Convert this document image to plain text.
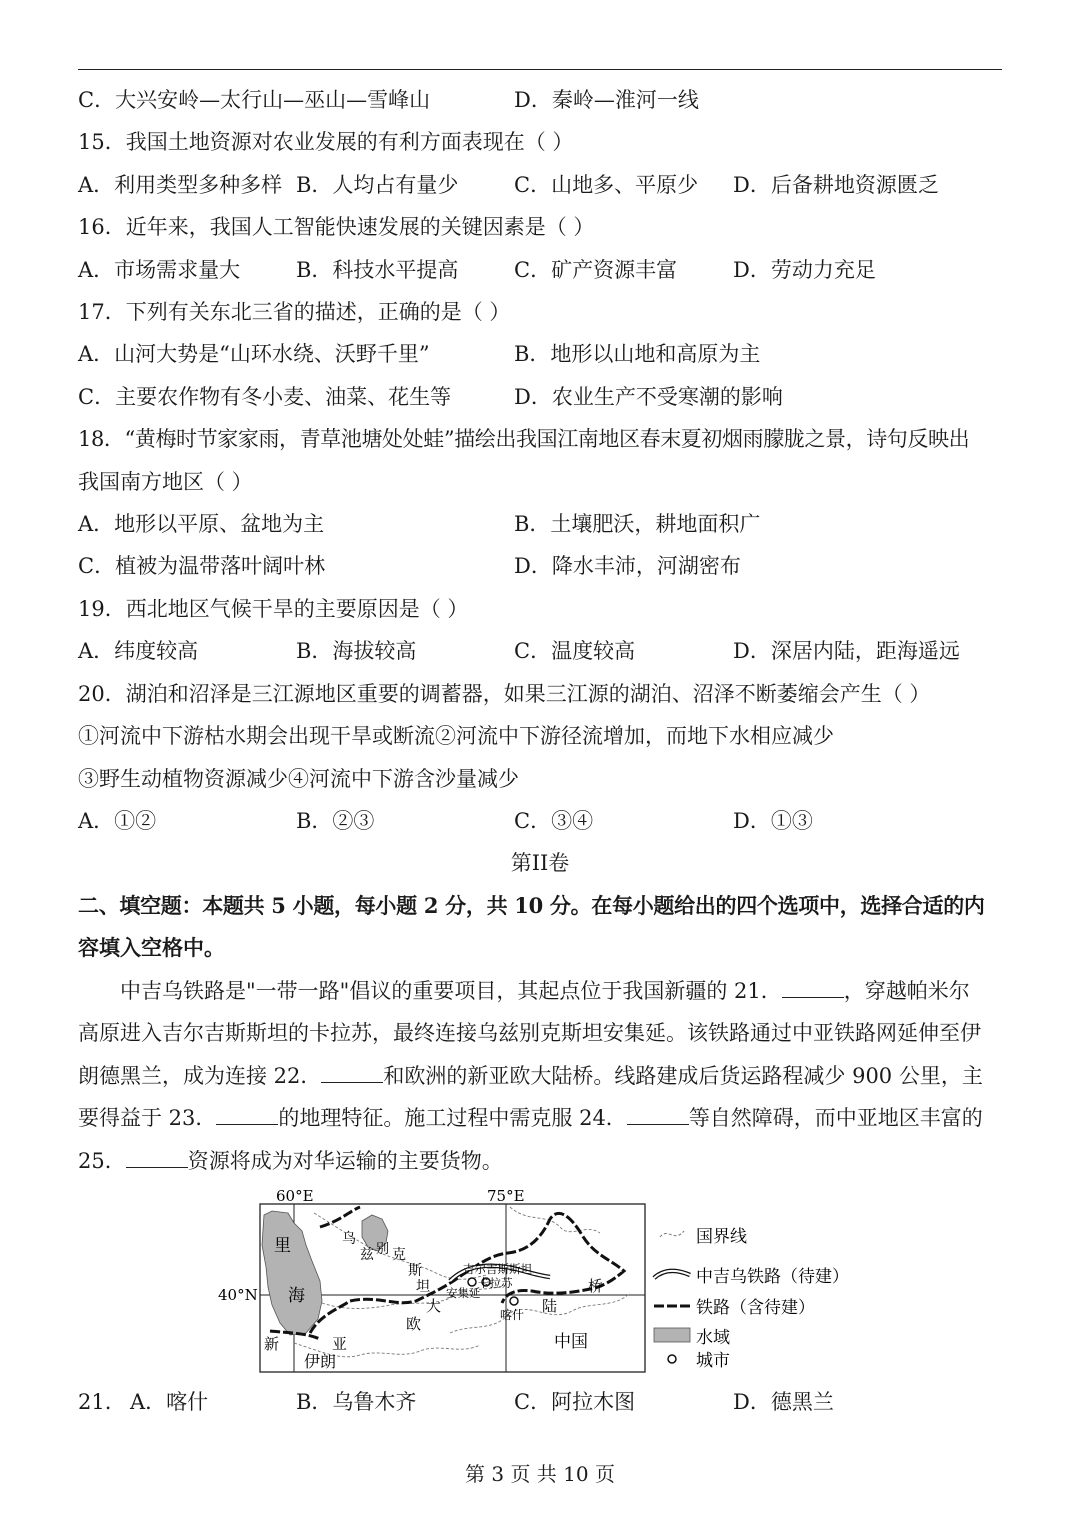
C．大兴安岭—太行山—巫山—雪峰山	D．秦岭—淮河一线
15．我国土地资源对农业发展的有利方面表现在（ ）
A．利用类型多种多样 B．人均占有量少	C．山地多、平原少 D．后备耕地资源匮乏
16．近年来，我国人工智能快速发展的关键因素是（ ）
A．市场需求量大	B．科技水平提高	C．矿产资源丰富	D．劳动力充足
17．下列有关东北三省的描述，正确的是（ ）
A．山河大势是“山环水绕、沃野千里”	B．地形以山地和高原为主
C．主要农作物有冬小麦、油菜、花生等	D．农业生产不受寒潮的影响
18．“黄梅时节家家雨，青草池塘处处蛙”描绘出我国江南地区春末夏初烟雨朦胧之景，诗句反映出
我国南方地区（ ）
A．地形以平原、盆地为主	B．土壤肥沃，耕地面积广
C．植被为温带落叶阔叶林	D．降水丰沛，河湖密布
19．西北地区气候干旱的主要原因是（ ）
A．纬度较高	B．海拔较高	C．温度较高	D．深居内陆，距海遥远
20．湖泊和沼泽是三江源地区重要的调蓄器，如果三江源的湖泊、沼泽不断萎缩会产生（ ）
①河流中下游枯水期会出现干旱或断流②河流中下游径流增加，而地下水相应减少
③野生动植物资源减少④河流中下游含沙量减少
A．①②	B．②③	C．③④	D．①③
第II卷
二、填空题：本题共 5 小题，每小题 2 分，共 10 分。在每小题给出的四个选项中，选择合适的内
容填入空格中。
中吉乌铁路是"一带一路"倡议的重要项目，其起点位于我国新疆的 21．	，穿越帕米尔
高原进入吉尔吉斯斯坦的卡拉苏，最终连接乌兹别克斯坦安集延。该铁路通过中亚铁路网延伸至伊
朗德黑兰，成为连接 22．	和欧洲的新亚欧大陆桥。线路建成后货运路程减少 900 公里，主
要得益于 23．	的地理特征。施工过程中需克服 24．	等自然障碍，而中亚地区丰富的
25．	资源将成为对华运输的主要货物。
60°E	75°E
40°N
里
海
乌
兹 别 克
斯
坦
吉尔吉斯斯坦
卡拉苏
安集延
喀什
大
欧
陆
桥
新	亚
伊朗
中国
国界线
中吉乌铁路（待建）
铁路（含待建）
水域
城市
21. A．喀什	B．乌鲁木齐	C．阿拉木图	D．德黑兰
第 3 页 共 10 页
